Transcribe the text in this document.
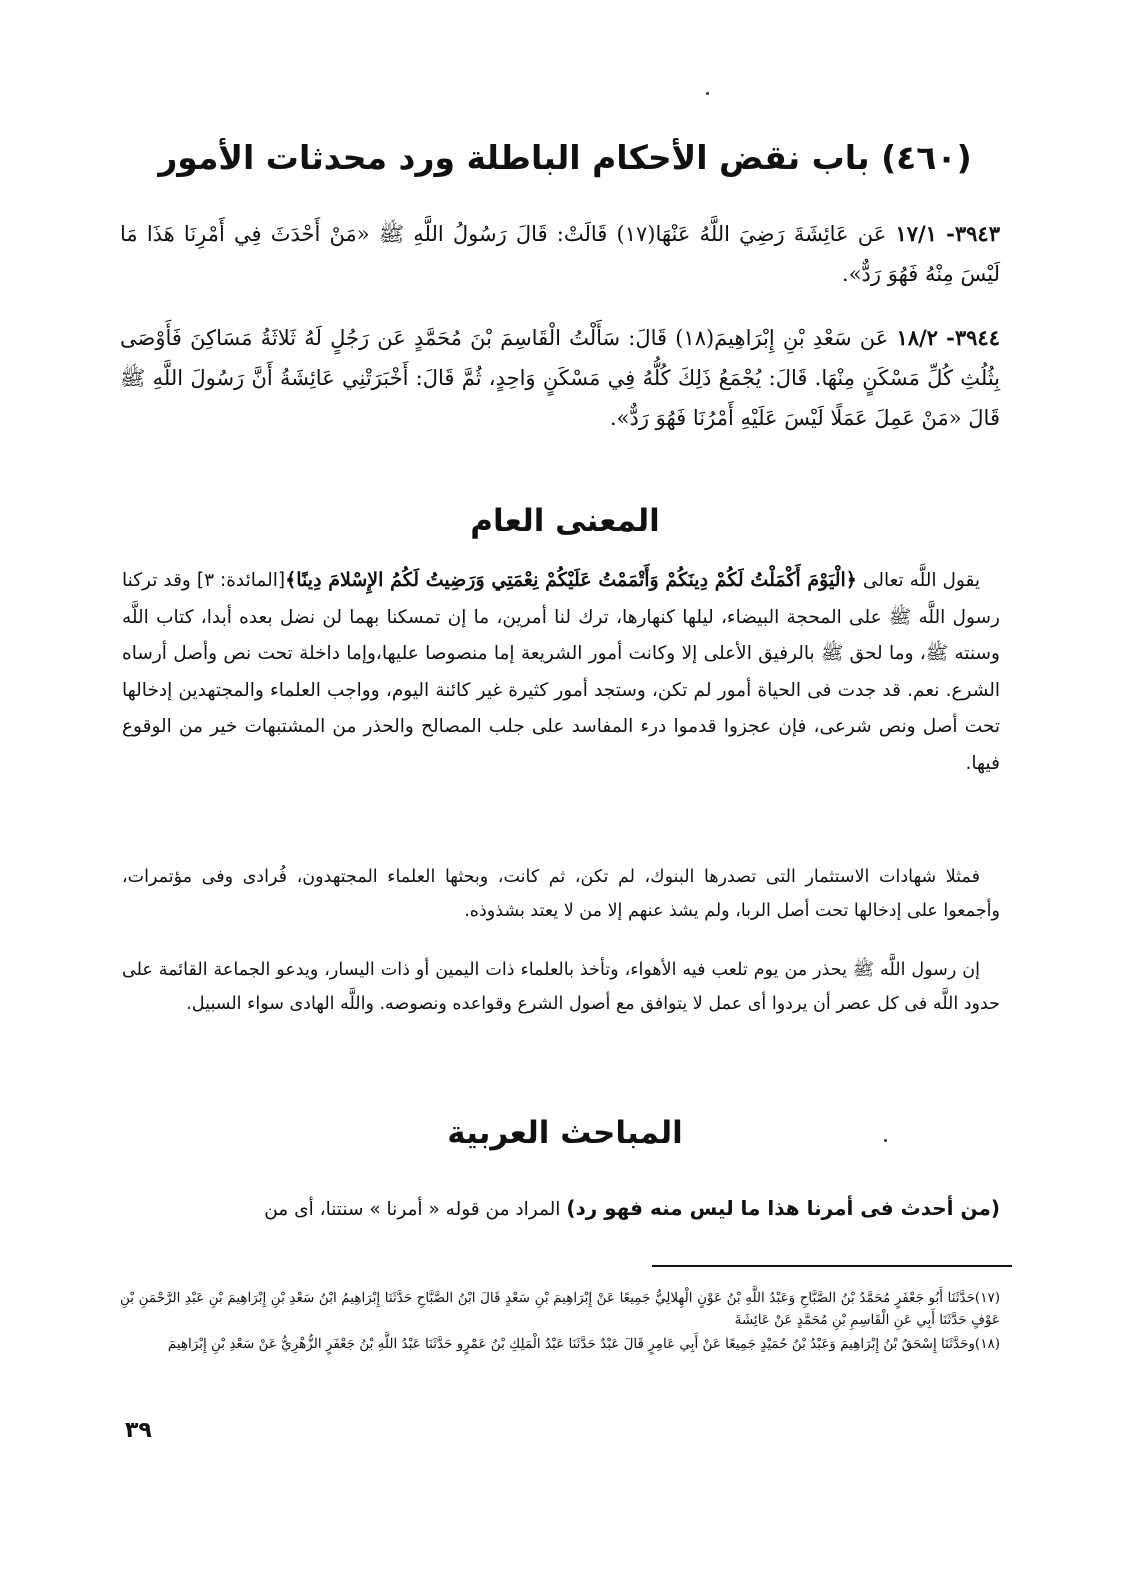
(٤٦٠) باب نقض الأحكام الباطلة ورد محدثات الأمور
٣٩٤٣- ١٧/١ عَن عَائِشَةَ رَضِيَ اللَّهُ عَنْهَا(١٧) قَالَتْ: قَالَ رَسُولُ اللَّهِ ﷺ «مَنْ أَحْدَثَ فِي أَمْرِنَا هَذَا مَا لَيْسَ مِنْهُ فَهُوَ رَدٌّ».
٣٩٤٤- ١٨/٢ عَن سَعْدِ بْنِ إِبْرَاهِيمَ(١٨) قَالَ: سَأَلْتُ الْقَاسِمَ بْنَ مُحَمَّدٍ عَن رَجُلٍ لَهُ ثَلاثَةُ مَسَاكِنَ فَأَوْصَى بِثُلُثِ كُلِّ مَسْكَنٍ مِنْهَا. قَالَ: يُجْمَعُ ذَلِكَ كُلُّهُ فِي مَسْكَنٍ وَاحِدٍ، ثُمَّ قَالَ: أَخْبَرَتْنِي عَائِشَةُ أَنَّ رَسُولَ اللَّهِ ﷺ قَالَ «مَنْ عَمِلَ عَمَلًا لَيْسَ عَلَيْهِ أَمْرُنَا فَهُوَ رَدٌّ».
المعنى العام

يقول اللَّه تعالى ﴿الْيَوْمَ أَكْمَلْتُ لَكُمْ دِينَكُمْ وَأَتْمَمْتُ عَلَيْكُمْ نِعْمَتِي وَرَضِيتُ لَكُمُ الإِسْلامَ دِينًا﴾[المائدة: ٣] وقد تركنا رسول اللَّه ﷺ على المحجة البيضاء، ليلها كنهارها، ترك لنا أمرين، ما إن تمسكنا بهما لن نضل بعده أبدا، كتاب اللَّه وسنته ﷺ، وما لحق ﷺ بالرفيق الأعلى إلا وكانت أمور الشريعة إما منصوصا عليها،وإما داخلة تحت نص وأصل أرساه الشرع. نعم. قد جدت فى الحياة أمور لم تكن، وستجد أمور كثيرة غير كائنة اليوم، وواجب العلماء والمجتهدين إدخالها تحت أصل ونص شرعى، فإن عجزوا قدموا درء المفاسد على جلب المصالح والحذر من المشتبهات خير من الوقوع فيها.

فمثلا شهادات الاستثمار التى تصدرها البنوك، لم تكن، ثم كانت، وبحثها العلماء المجتهدون، فُرادى وفى مؤتمرات، وأجمعوا على إدخالها تحت أصل الربا، ولم يشذ عنهم إلا من لا يعتد بشذوذه.

إن رسول اللَّه ﷺ يحذر من يوم تلعب فيه الأهواء، وتأخذ بالعلماء ذات اليمين أو ذات اليسار، ويدعو الجماعة القائمة على حدود اللَّه فى كل عصر أن يردوا أى عمل لا يتوافق مع أصول الشرع وقواعده ونصوصه. واللَّه الهادى سواء السبيل.

المباحث العربية
(من أحدث فى أمرنا هذا ما ليس منه فهو رد) المراد من قوله « أمرنا » سنتنا، أى من

(١٧)حَدَّثَنَا أَبُو جَعْفَرٍ مُحَمَّدُ بْنُ الصَّبَّاحِ وَعَبْدُ اللَّهِ بْنُ عَوْنٍ الْهِلالِيُّ جَمِيعًا عَنْ إِبْرَاهِيمَ بْنِ سَعْدٍ قَالَ ابْنُ الصَّبَّاحِ حَدَّثَنَا إِبْرَاهِيمُ ابْنُ سَعْدِ بْنِ إِبْرَاهِيمَ بْنِ عَبْدِ الرَّحْمَنِ بْنِ عَوْفٍ حَدَّثَنَا أَبِي عَنِ الْقَاسِمِ بْنِ مُحَمَّدٍ عَنْ عَائِشَةَ

(١٨)وحَدَّثَنَا إِسْحَقُ بْنُ إِبْرَاهِيمَ وَعَبْدُ بْنُ حُمَيْدٍ جَمِيعًا عَنْ أَبِي عَامِرٍ قَالَ عَبْدٌ حَدَّثَنَا عَبْدُ الْمَلِكِ بْنُ عَمْرٍو حَدَّثَنَا عَبْدُ اللَّهِ بْنُ جَعْفَرٍ الزُّهْرِيُّ عَنْ سَعْدِ بْنِ إِبْرَاهِيمَ

٣٩
